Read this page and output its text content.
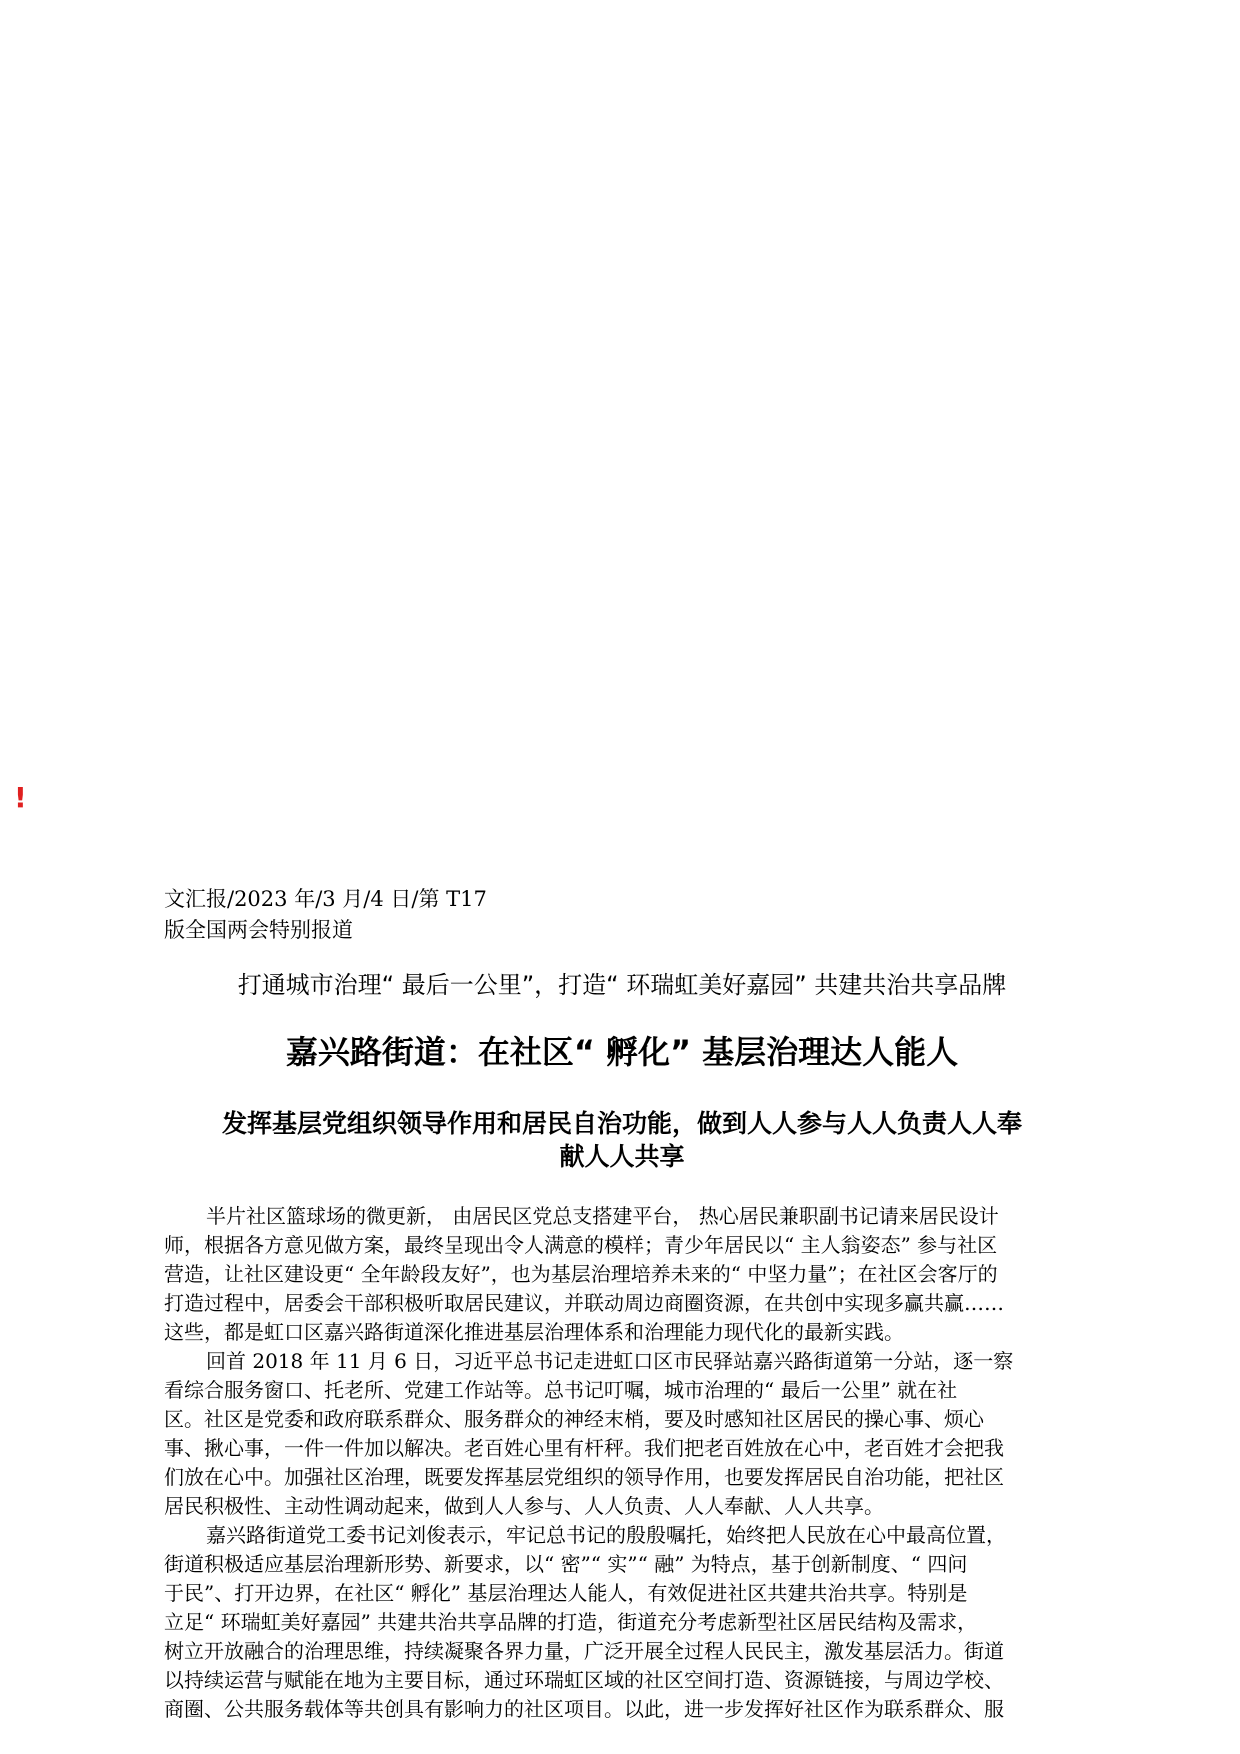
!
文汇报/2023 年/3 月/4 日/第 T17
版全国两会特别报道
打通城市治理“ 最后一公里”，打造“ 环瑞虹美好嘉园” 共建共治共享品牌
嘉兴路街道：在社区“ 孵化” 基层治理达人能人
发挥基层党组织领导作用和居民自治功能，做到人人参与人人负责人人奉
献人人共享
半片社区篮球场的微更新， 由居民区党总支搭建平台， 热心居民兼职副书记请来居民设计
师，根据各方意见做方案，最终呈现出令人满意的模样；青少年居民以“ 主人翁姿态” 参与社区
营造，让社区建设更“ 全年龄段友好”，也为基层治理培养未来的“ 中坚力量”；在社区会客厅的
打造过程中，居委会干部积极听取居民建议，并联动周边商圈资源，在共创中实现多赢共赢……
这些，都是虹口区嘉兴路街道深化推进基层治理体系和治理能力现代化的最新实践。
回首 2018 年 11 月 6 日，习近平总书记走进虹口区市民驿站嘉兴路街道第一分站，逐一察
看综合服务窗口、托老所、党建工作站等。总书记叮嘱，城市治理的“ 最后一公里” 就在社
区。社区是党委和政府联系群众、服务群众的神经末梢，要及时感知社区居民的操心事、烦心
事、揪心事，一件一件加以解决。老百姓心里有杆秤。我们把老百姓放在心中，老百姓才会把我
们放在心中。加强社区治理，既要发挥基层党组织的领导作用，也要发挥居民自治功能，把社区
居民积极性、主动性调动起来，做到人人参与、人人负责、人人奉献、人人共享。
嘉兴路街道党工委书记刘俊表示，牢记总书记的殷殷嘱托，始终把人民放在心中最高位置，
街道积极适应基层治理新形势、新要求，以“ 密”“ 实”“ 融” 为特点，基于创新制度、“ 四问
于民”、打开边界，在社区“ 孵化” 基层治理达人能人，有效促进社区共建共治共享。特别是
立足“ 环瑞虹美好嘉园” 共建共治共享品牌的打造，街道充分考虑新型社区居民结构及需求，
树立开放融合的治理思维，持续凝聚各界力量，广泛开展全过程人民民主，激发基层活力。街道
以持续运营与赋能在地为主要目标，通过环瑞虹区域的社区空间打造、资源链接，与周边学校、
商圈、公共服务载体等共创具有影响力的社区项目。以此，进一步发挥好社区作为联系群众、服
